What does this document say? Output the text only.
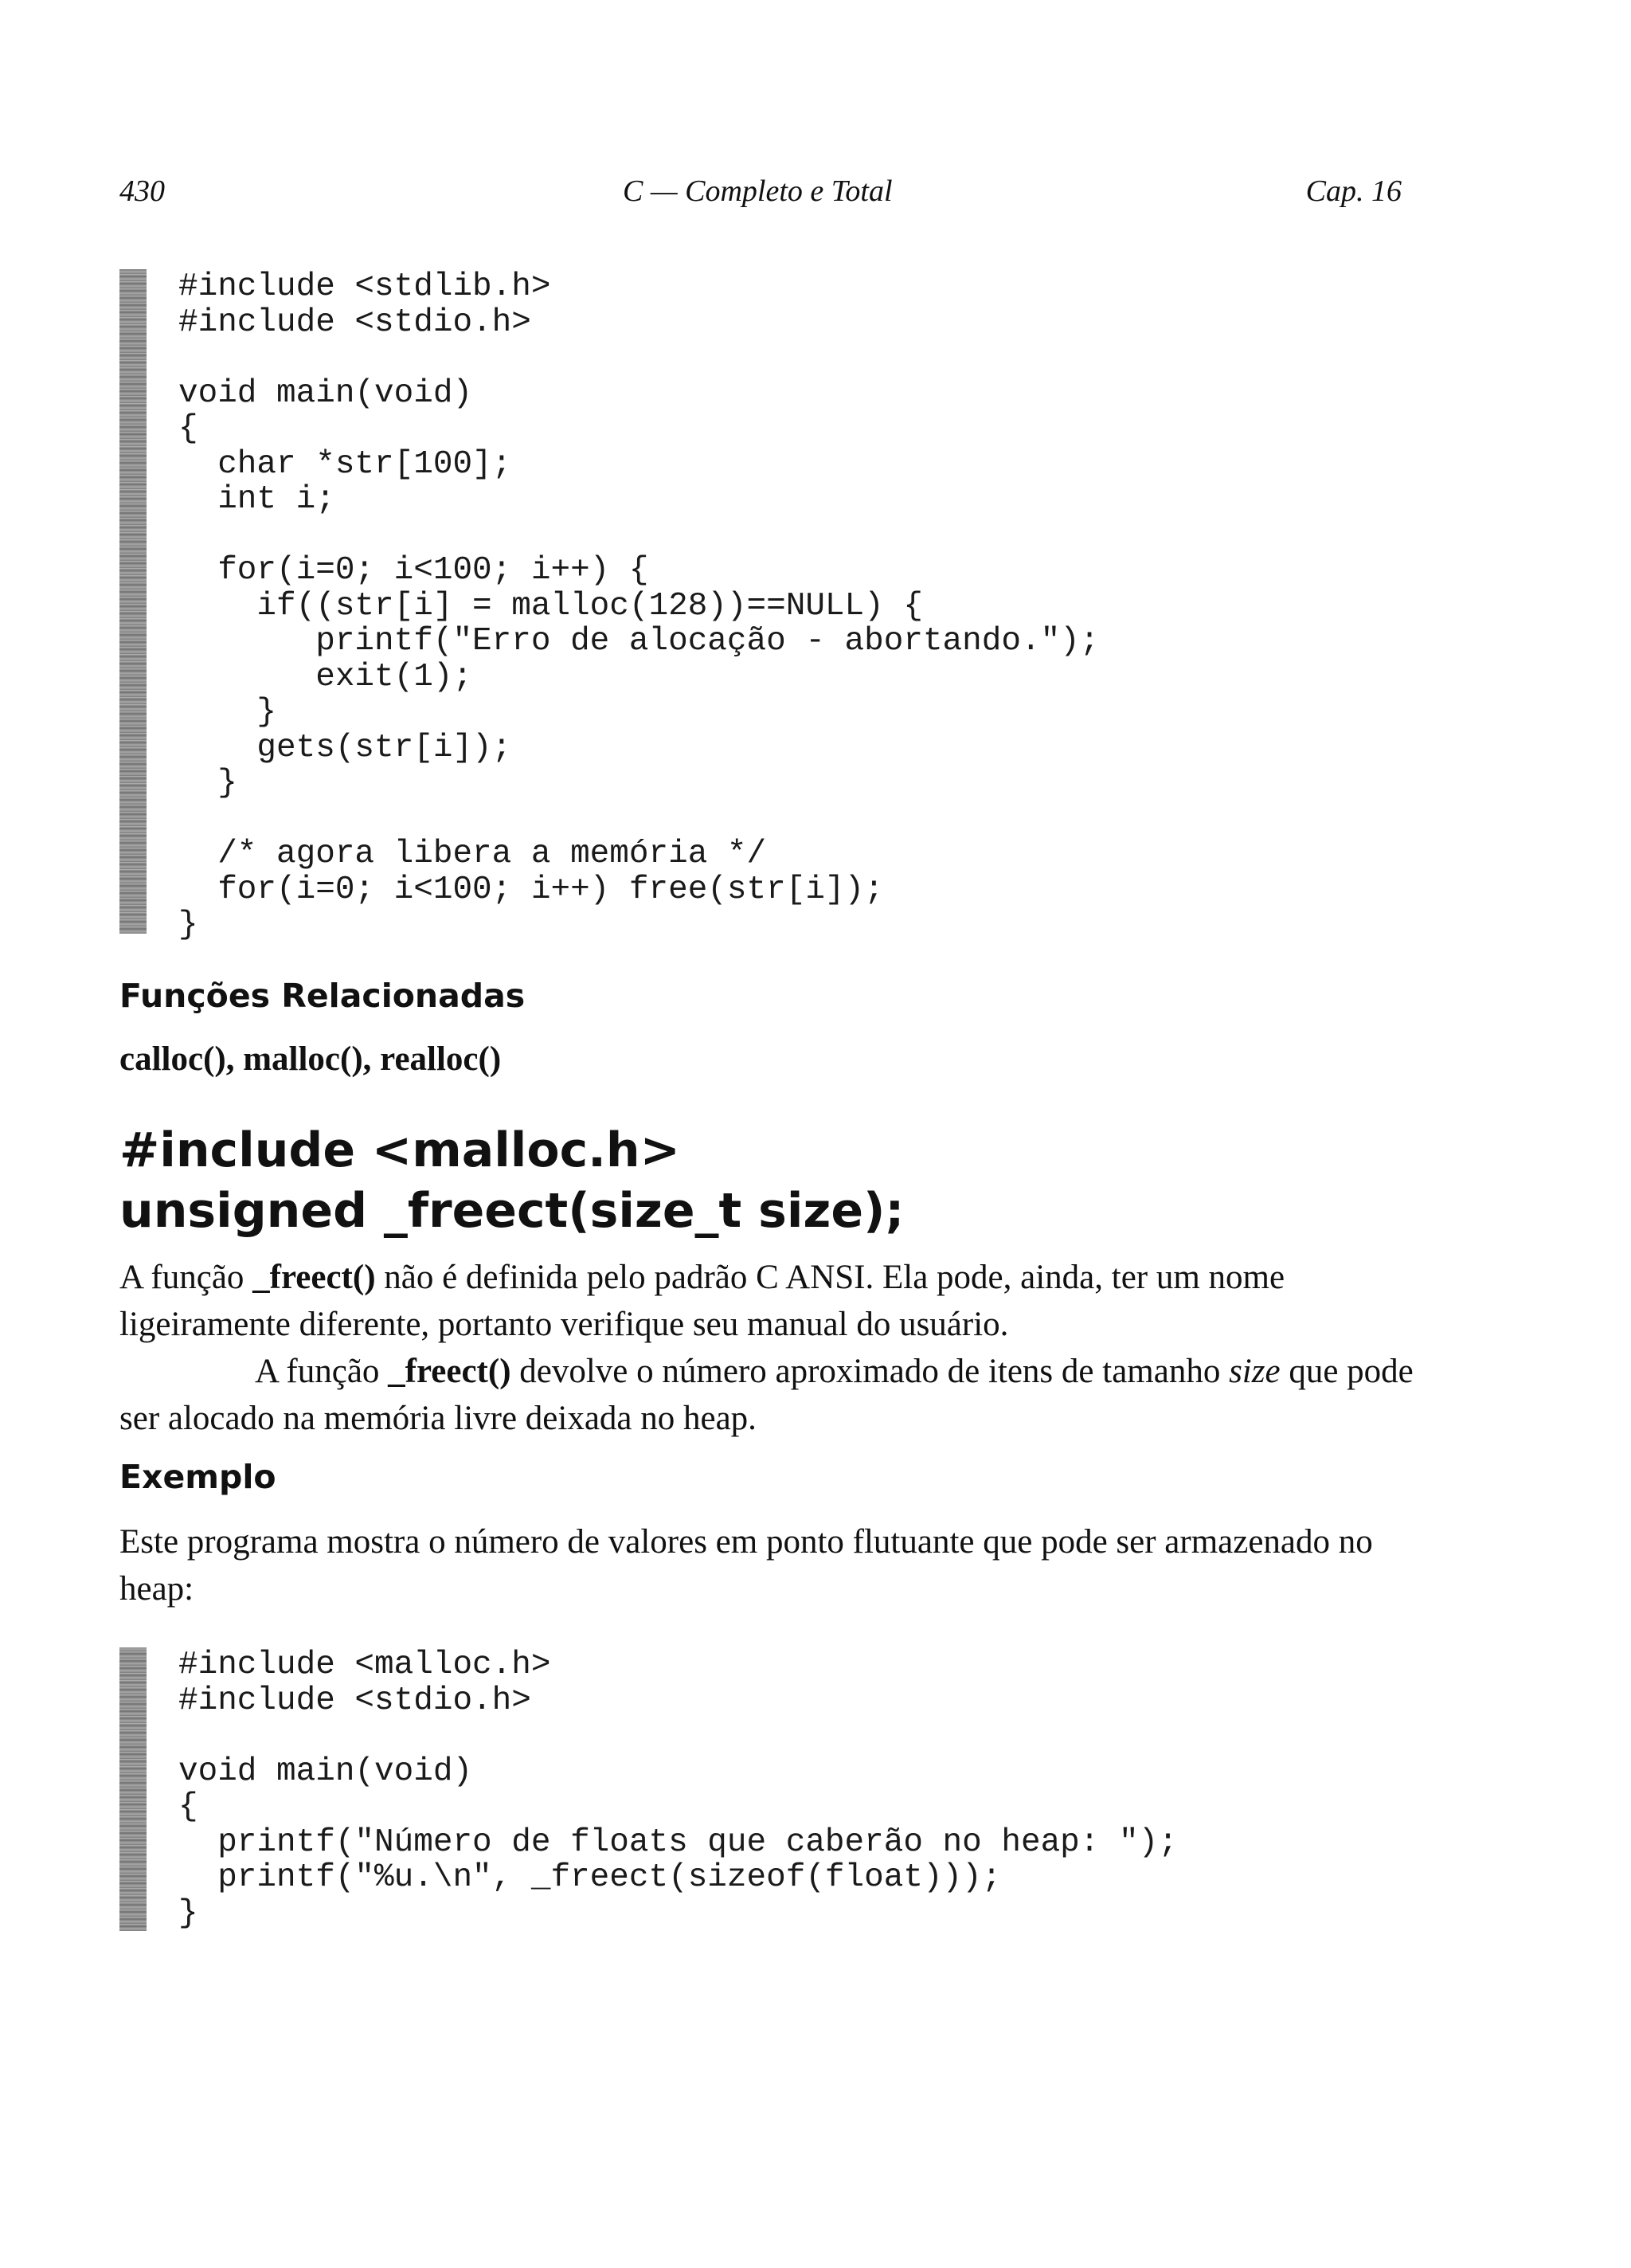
430	C — Completo e Total	Cap. 16
#include <stdlib.h>
#include <stdio.h>

void main(void)
{
char *str[100];
int i;

for(i=0; i<100; i++) {
if((str[i] = malloc(128))==NULL) {
printf("Erro de alocação - abortando.");
exit(1);
}
gets(str[i]);
}

/* agora libera a memória */
for(i=0; i<100; i++) free(str[i]);
}
Funções Relacionadas

calloc(), malloc(), realloc()

#include <malloc.h>
unsigned _freect(size_t size);

A função _freect() não é definida pelo padrão C ANSI. Ela pode, ainda, ter um nome ligeiramente diferente, portanto verifique seu manual do usuário.

A função _freect() devolve o número aproximado de itens de tamanho size que pode ser alocado na memória livre deixada no heap.

Exemplo

Este programa mostra o número de valores em ponto flutuante que pode ser armazenado no heap:

#include <malloc.h>
#include <stdio.h>

void main(void)
{
printf("Número de floats que caberão no heap: ");
printf("%u.\n", _freect(sizeof(float)));
}
